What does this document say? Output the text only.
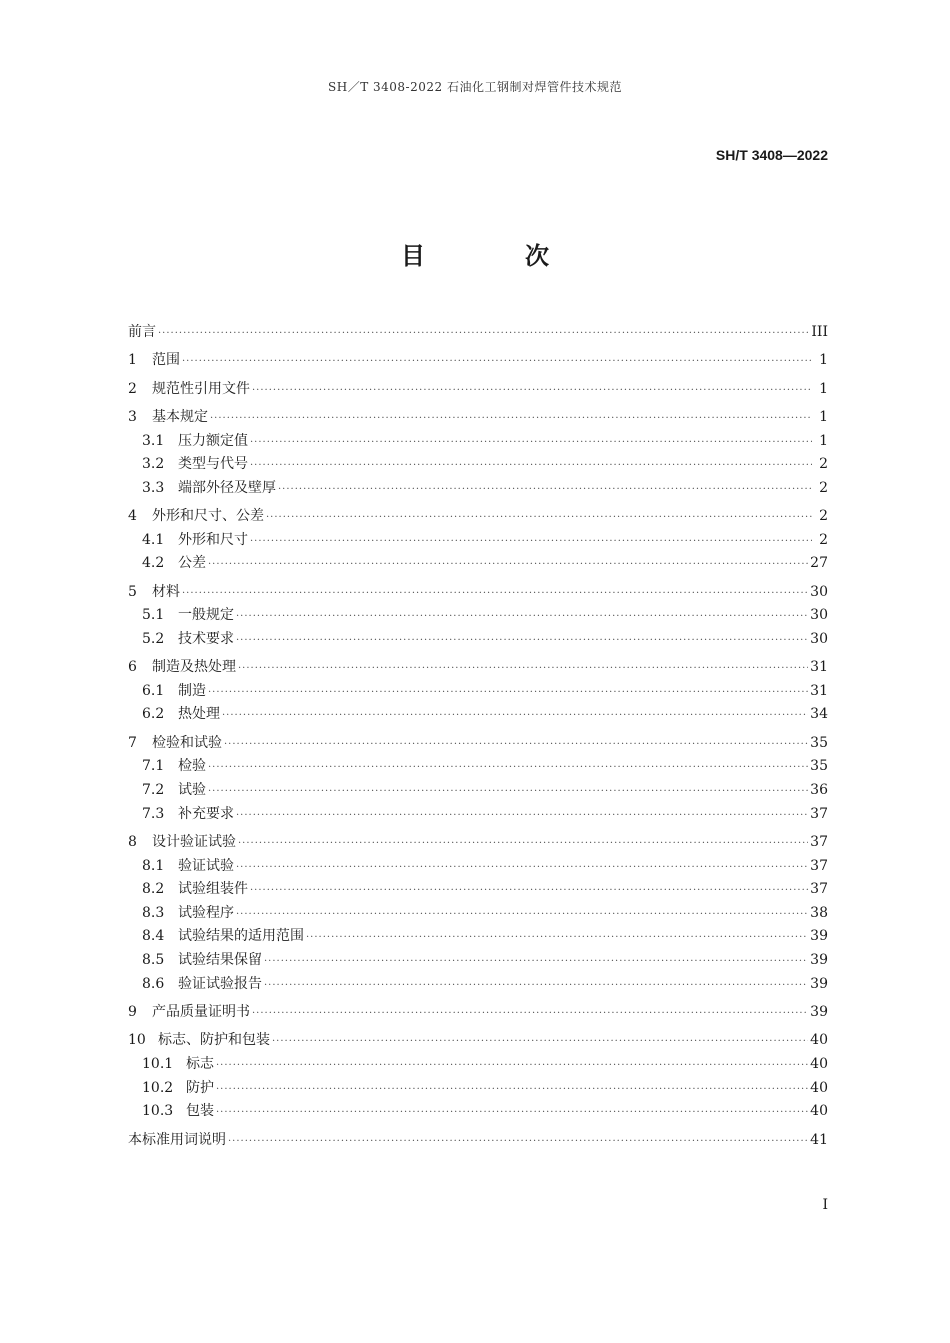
SH／T 3408-2022 石油化工钢制对焊管件技术规范
SH/T 3408—2022
目　次
前言 ·····	III
1	范围 ·····	1
2	规范性引用文件 ·····	1
3	基本规定 ·····	1
3.1 压力额定值 ·····	1
3.2 类型与代号 ·····	2
3.3 端部外径及壁厚 ·····	2
4	外形和尺寸、公差 ·····	2
4.1 外形和尺寸 ·····	2
4.2 公差 ·····	27
5	材料 ·····	30
5.1 一般规定 ·····	30
5.2 技术要求 ·····	30
6	制造及热处理 ·····	31
6.1 制造 ·····	31
6.2 热处理 ·····	34
7	检验和试验 ·····	35
7.1 检验 ·····	35
7.2 试验 ·····	36
7.3 补充要求 ·····	37
8	设计验证试验 ·····	37
8.1 验证试验 ·····	37
8.2 试验组装件 ·····	37
8.3 试验程序 ·····	38
8.4 试验结果的适用范围 ·····	39
8.5 试验结果保留 ·····	39
8.6 验证试验报告 ·····	39
9	产品质量证明书 ·····	39
10 标志、防护和包装 ·····	40
10.1 标志 ·····	40
10.2 防护 ·····	40
10.3 包装 ·····	40
本标准用词说明 ·····	41
I
